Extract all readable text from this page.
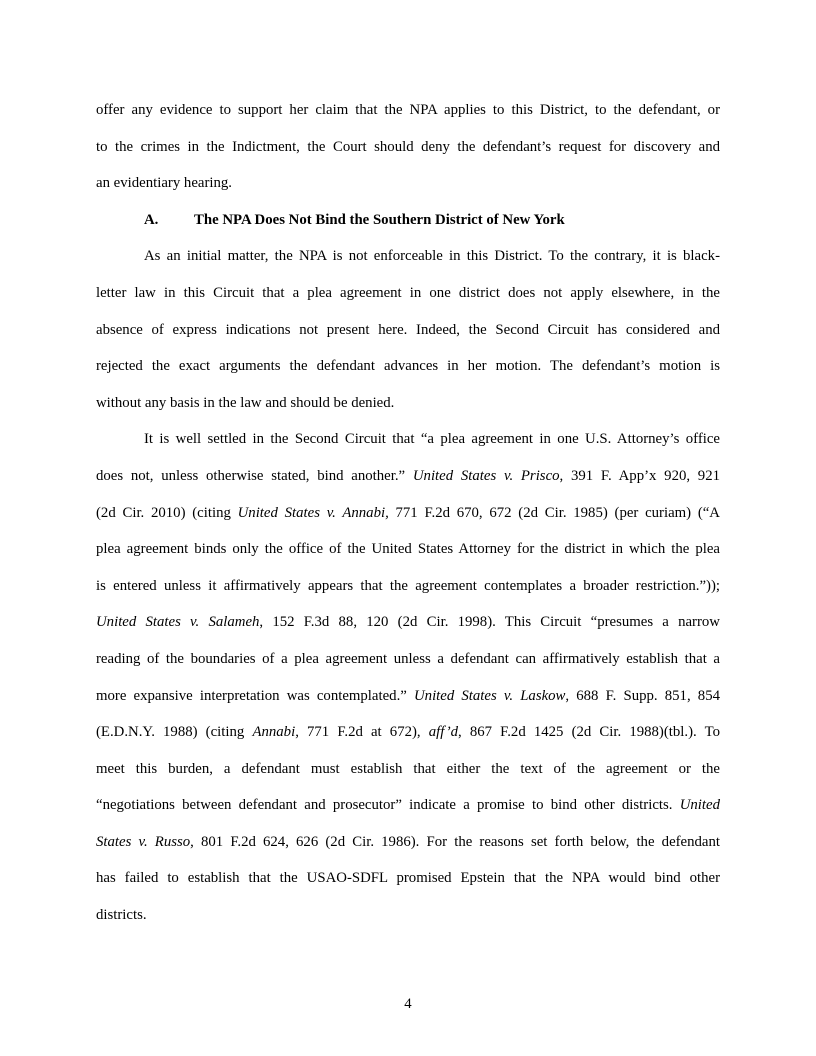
offer any evidence to support her claim that the NPA applies to this District, to the defendant, or
to the crimes in the Indictment, the Court should deny the defendant’s request for discovery and
an evidentiary hearing.
A. The NPA Does Not Bind the Southern District of New York
As an initial matter, the NPA is not enforceable in this District. To the contrary, it is black-
letter law in this Circuit that a plea agreement in one district does not apply elsewhere, in the
absence of express indications not present here. Indeed, the Second Circuit has considered and
rejected the exact arguments the defendant advances in her motion. The defendant’s motion is
without any basis in the law and should be denied.
It is well settled in the Second Circuit that “a plea agreement in one U.S. Attorney’s office
does not, unless otherwise stated, bind another.” United States v. Prisco, 391 F. App’x 920, 921
(2d Cir. 2010) (citing United States v. Annabi, 771 F.2d 670, 672 (2d Cir. 1985) (per curiam) (“A
plea agreement binds only the office of the United States Attorney for the district in which the plea
is entered unless it affirmatively appears that the agreement contemplates a broader restriction.”));
United States v. Salameh, 152 F.3d 88, 120 (2d Cir. 1998). This Circuit “presumes a narrow
reading of the boundaries of a plea agreement unless a defendant can affirmatively establish that a
more expansive interpretation was contemplated.” United States v. Laskow, 688 F. Supp. 851, 854
(E.D.N.Y. 1988) (citing Annabi, 771 F.2d at 672), aff’d, 867 F.2d 1425 (2d Cir. 1988)(tbl.). To
meet this burden, a defendant must establish that either the text of the agreement or the
“negotiations between defendant and prosecutor” indicate a promise to bind other districts. United
States v. Russo, 801 F.2d 624, 626 (2d Cir. 1986). For the reasons set forth below, the defendant
has failed to establish that the USAO-SDFL promised Epstein that the NPA would bind other
districts.
4
